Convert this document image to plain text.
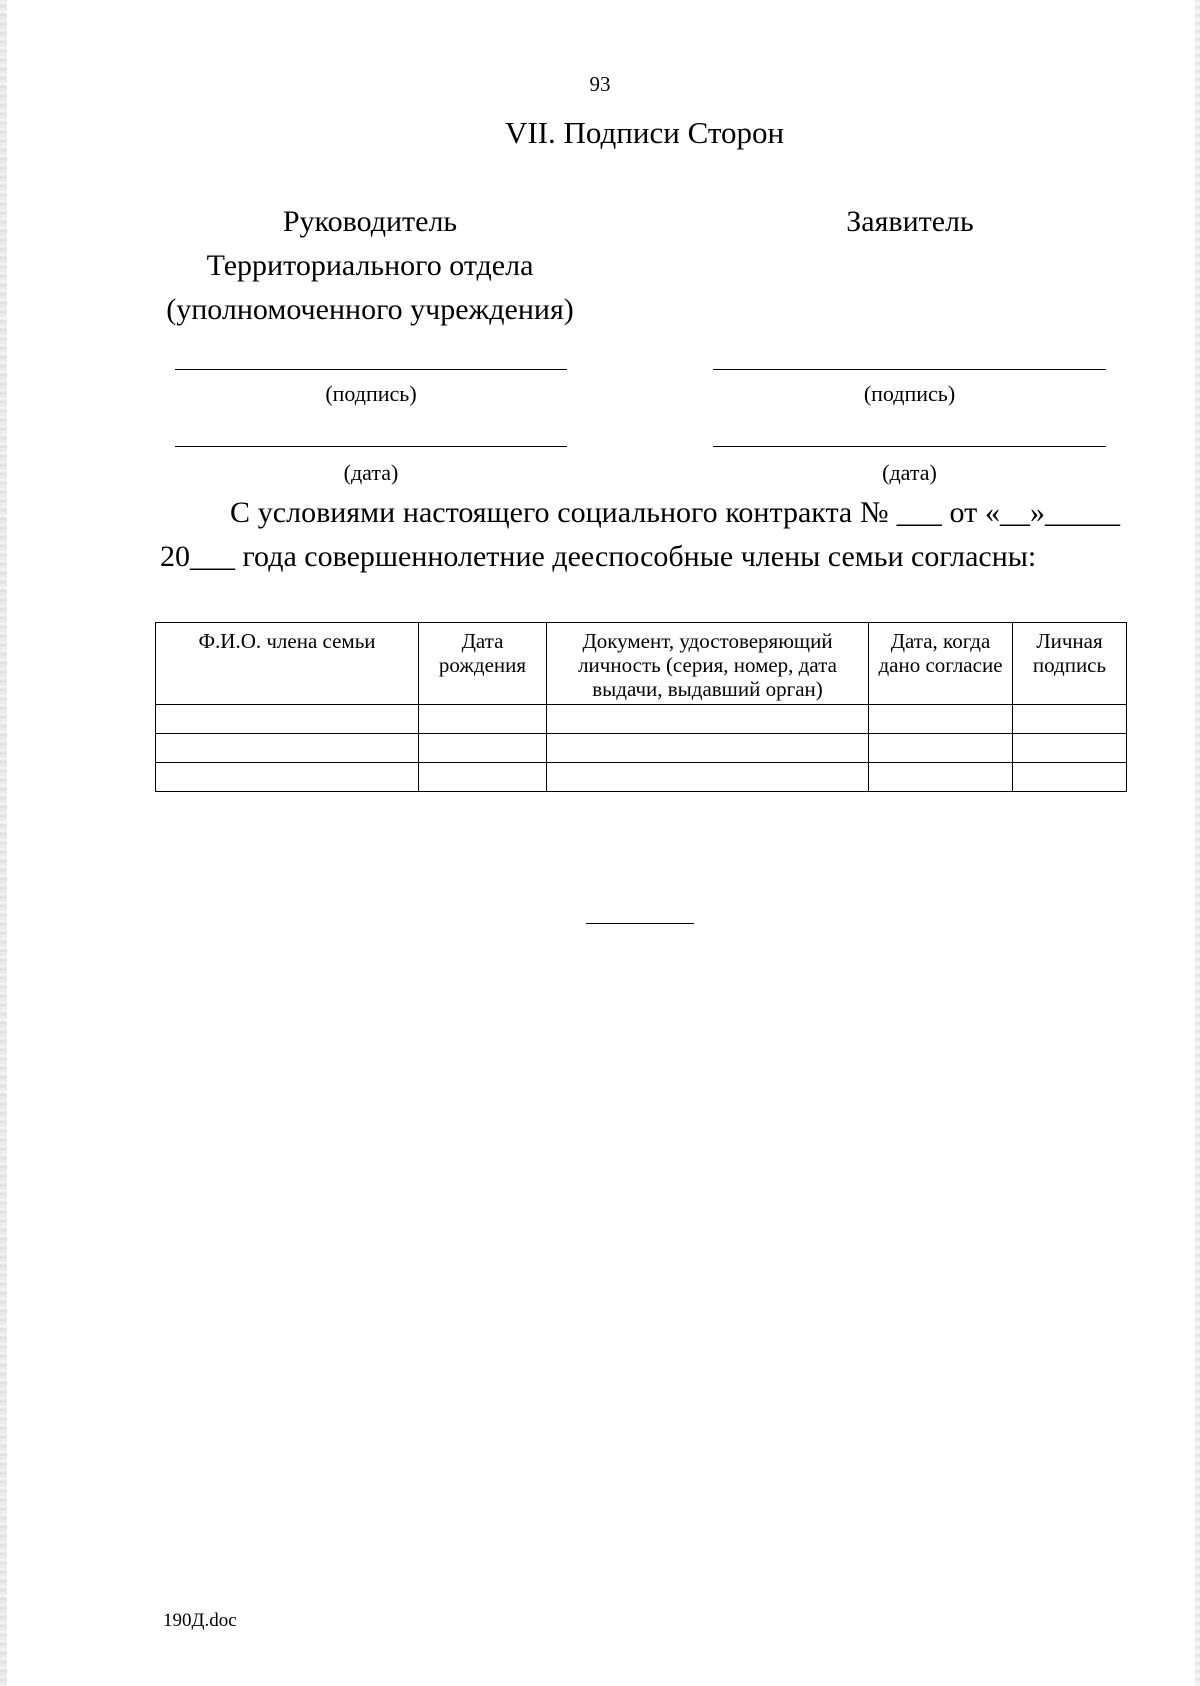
93
VII. Подписи Сторон
Руководитель
Территориального отдела
(уполномоченного учреждения)
Заявитель
(подпись)
(дата)
(подпись)
(дата)
С условиями настоящего социального контракта № ___ от «__»_____ 20___ года совершеннолетние дееспособные члены семьи согласны:
Ф.И.О. члена семьи	Дата рождения	Документ, удостоверяющий личность (серия, номер, дата выдачи, выдавший орган)	Дата, когда дано согласие	Личная подпись

190Д.doc
